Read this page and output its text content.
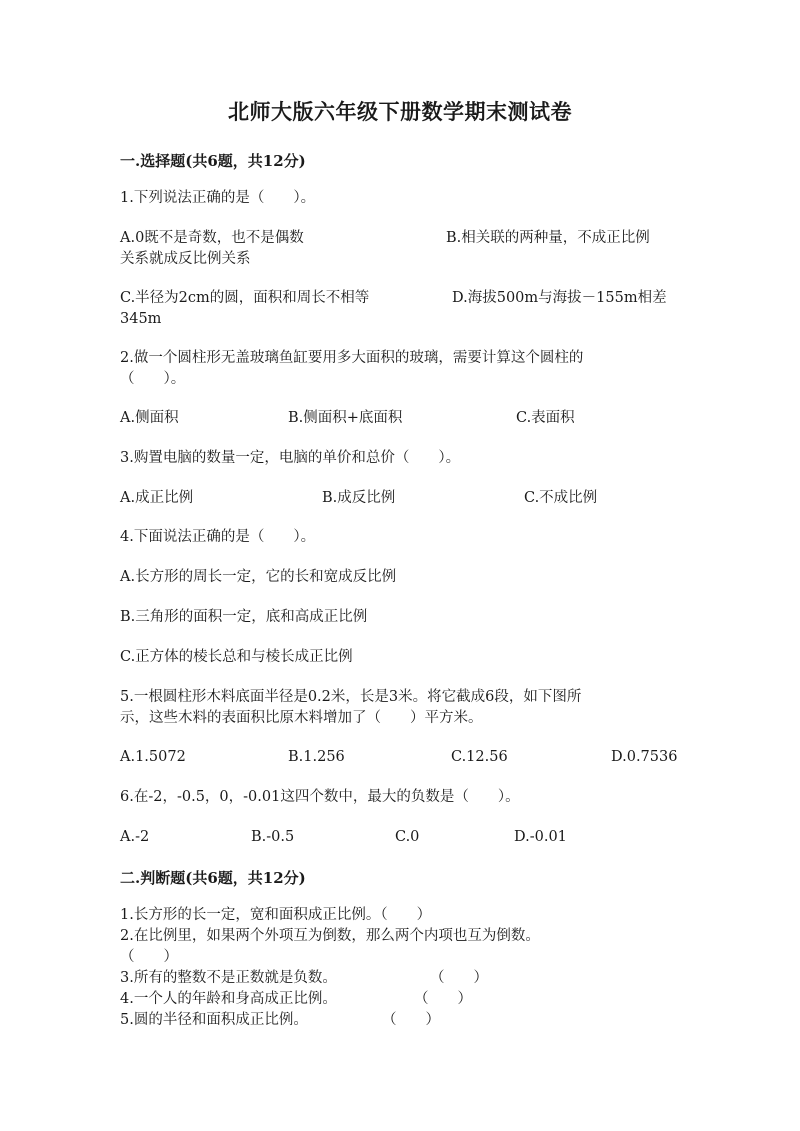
北师大版六年级下册数学期末测试卷
一.选择题(共6题，共12分)
1.下列说法正确的是（　　）。
A.0既不是奇数，也不是偶数	B.相关联的两种量，不成正比例
关系就成反比例关系
C.半径为2cm的圆，面积和周长不相等	D.海拔500m与海拔－155m相差
345m
2.做一个圆柱形无盖玻璃鱼缸要用多大面积的玻璃，需要计算这个圆柱的
（　　）。
A.侧面积	B.侧面积+底面积	C.表面积
3.购置电脑的数量一定，电脑的单价和总价（　　）。
A.成正比例	B.成反比例	C.不成比例
4.下面说法正确的是（　　）。
A.长方形的周长一定，它的长和宽成反比例
B.三角形的面积一定，底和高成正比例
C.正方体的棱长总和与棱长成正比例
5.一根圆柱形木料底面半径是0.2米，长是3米。将它截成6段，如下图所
示，这些木料的表面积比原木料增加了（　　）平方米。
A.1.5072	B.1.256	C.12.56	D.0.7536
6.在-2，-0.5，0，-0.01这四个数中，最大的负数是（　　）。
A.-2	B.-0.5	C.0	D.-0.01
二.判断题(共6题，共12分)
1.长方形的长一定，宽和面积成正比例。（　　）
2.在比例里，如果两个外项互为倒数，那么两个内项也互为倒数。
（　　）
3.所有的整数不是正数就是负数。	（　　）
4.一个人的年龄和身高成正比例。	（　　）
5.圆的半径和面积成正比例。	（　　）
